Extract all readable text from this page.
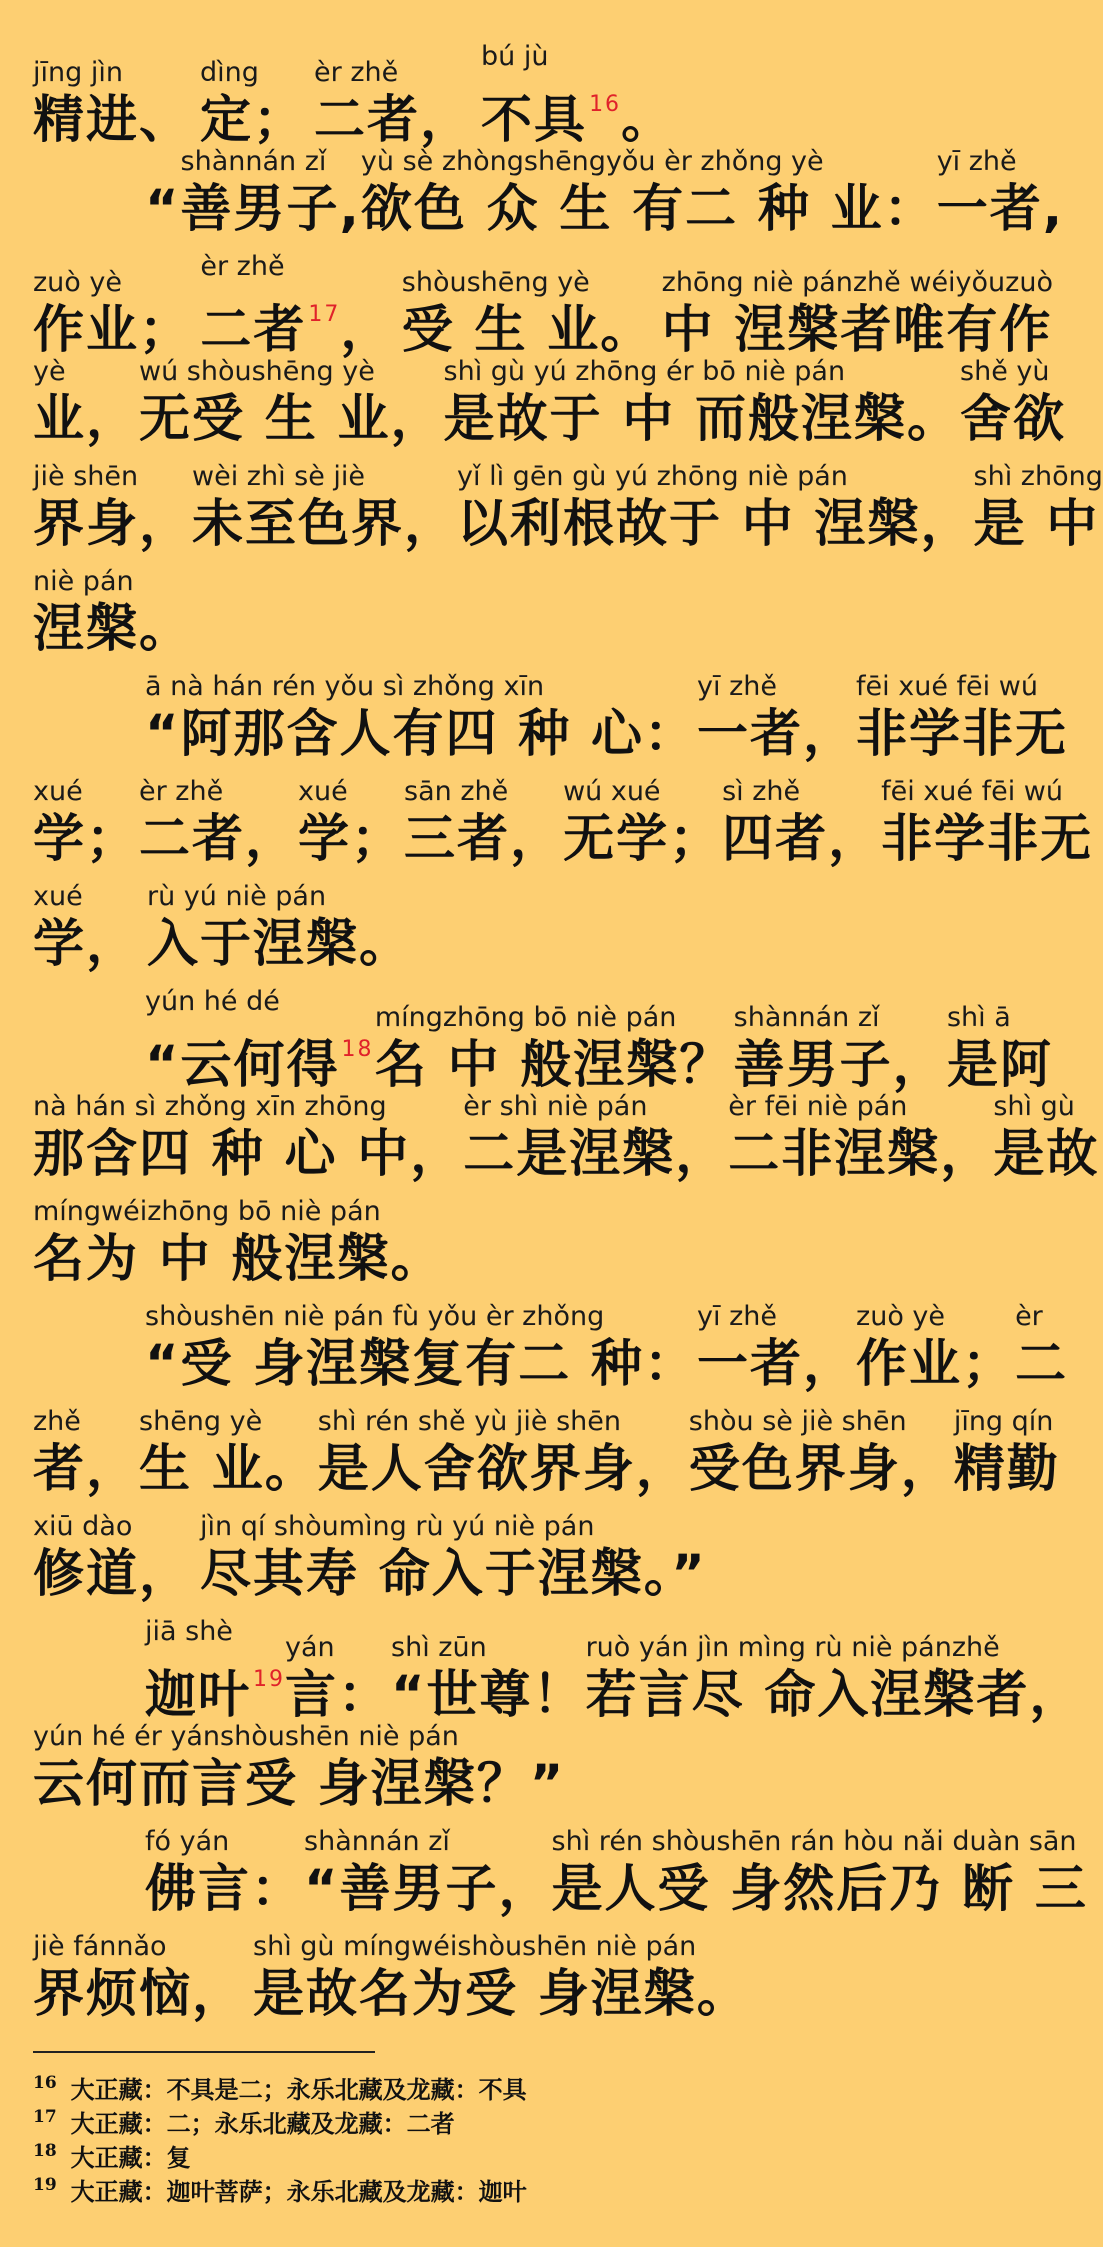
jīng jìn
精进、
dìng
定；
èr zhě
二者，
bú jù
不具$^{16}$。
“
shànnán zǐ
善男子,
yù sè zhòngshēngyǒu èr zhǒng yè
欲色 众 生 有二 种 业：
yī zhě
一者,
zuò yè
作业；
èr zhě
二者$^{17}$，
shòushēng yè
受 生 业。
zhōng niè pánzhě wéiyǒuzuò
中 涅槃者唯有作
yè
业，
wú shòushēng yè
无受 生 业，
shì gù yú zhōng ér bō niè pán
是故于 中 而般涅槃。
shě yù
舍欲
jiè shēn
界身，
wèi zhì sè jiè
未至色界，
yǐ lì gēn gù yú zhōng niè pán
以利根故于 中 涅槃，
shì zhōng
是 中
niè pán
涅槃。
ā nà hán rén yǒu sì zhǒng xīn
“阿那含人有四 种 心：
yī zhě
一者，
fēi xué fēi wú
非学非无
xué
学；
èr zhě
二者，
xué
学；
sān zhě
三者，
wú xué
无学；
sì zhě
四者，
fēi xué fēi wú
非学非无
xué
学，
rù yú niè pán
入于涅槃。
yún hé dé
“云何得$^{18}$
míngzhōng bō niè pán
名 中 般涅槃？
shànnán zǐ
善男子，
shì ā
是阿
nà hán sì zhǒng xīn zhōng
那含四 种 心 中，
èr shì niè pán
二是涅槃，
èr fēi niè pán
二非涅槃，
shì gù
是故
míngwéizhōng bō niè pán
名为 中 般涅槃。
shòushēn niè pán fù yǒu èr zhǒng
“受 身涅槃复有二 种：
yī zhě
一者，
zuò yè
作业；
èr
二
zhě
者，
shēng yè
生 业。
shì rén shě yù jiè shēn
是人舍欲界身，
shòu sè jiè shēn
受色界身，
jīng qín
精勤
xiū dào
修道，
jìn qí shòumìng rù yú niè pán
尽其寿 命入于涅槃。”
jiā shè
迦叶$^{19}$
yán
言：
shì zūn
“世尊！
ruò yán jìn mìng rù niè pánzhě
若言尽 命入涅槃者，
yún hé ér yánshòushēn niè pán
云何而言受 身涅槃？”
fó yán
佛言：
shànnán zǐ
“善男子，
shì rén shòushēn rán hòu nǎi duàn sān
是人受 身然后乃 断 三
jiè fánnǎo
界烦恼，
shì gù míngwéishòushēn niè pán
是故名为受 身涅槃。
$^{16}$ 大正藏：不具是二；永乐北藏及龙藏：不具
$^{17}$ 大正藏：二；永乐北藏及龙藏：二者
$^{18}$ 大正藏：复
$^{19}$ 大正藏：迦叶菩萨；永乐北藏及龙藏：迦叶
